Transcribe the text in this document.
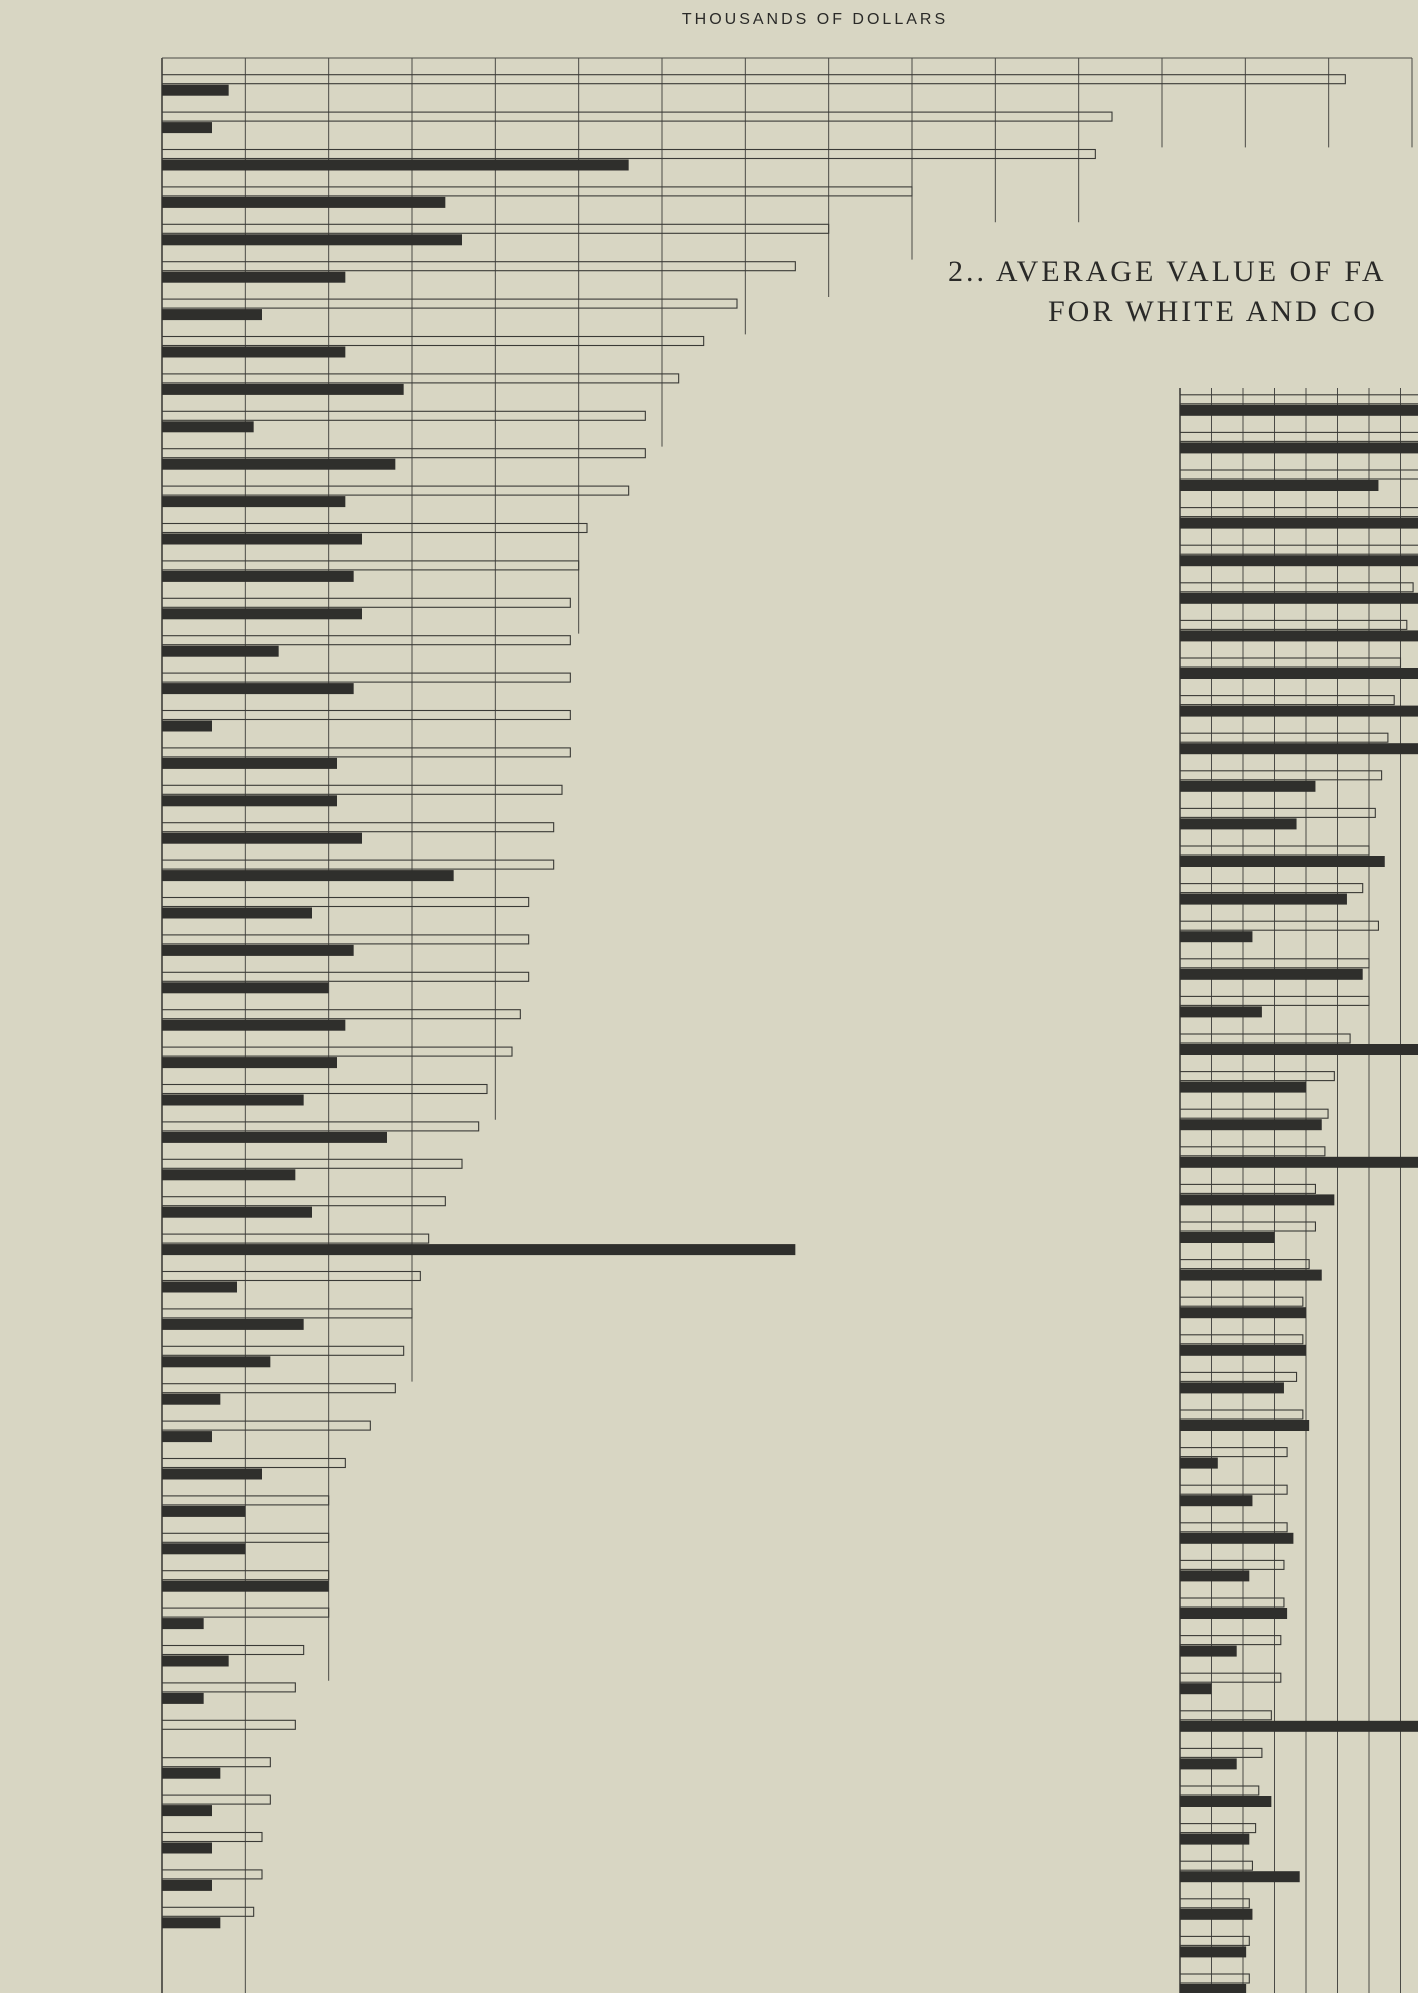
THOUSANDS OF DOLLARS
2.. AVERAGE VALUE OF FA
FOR WHITE AND CO
